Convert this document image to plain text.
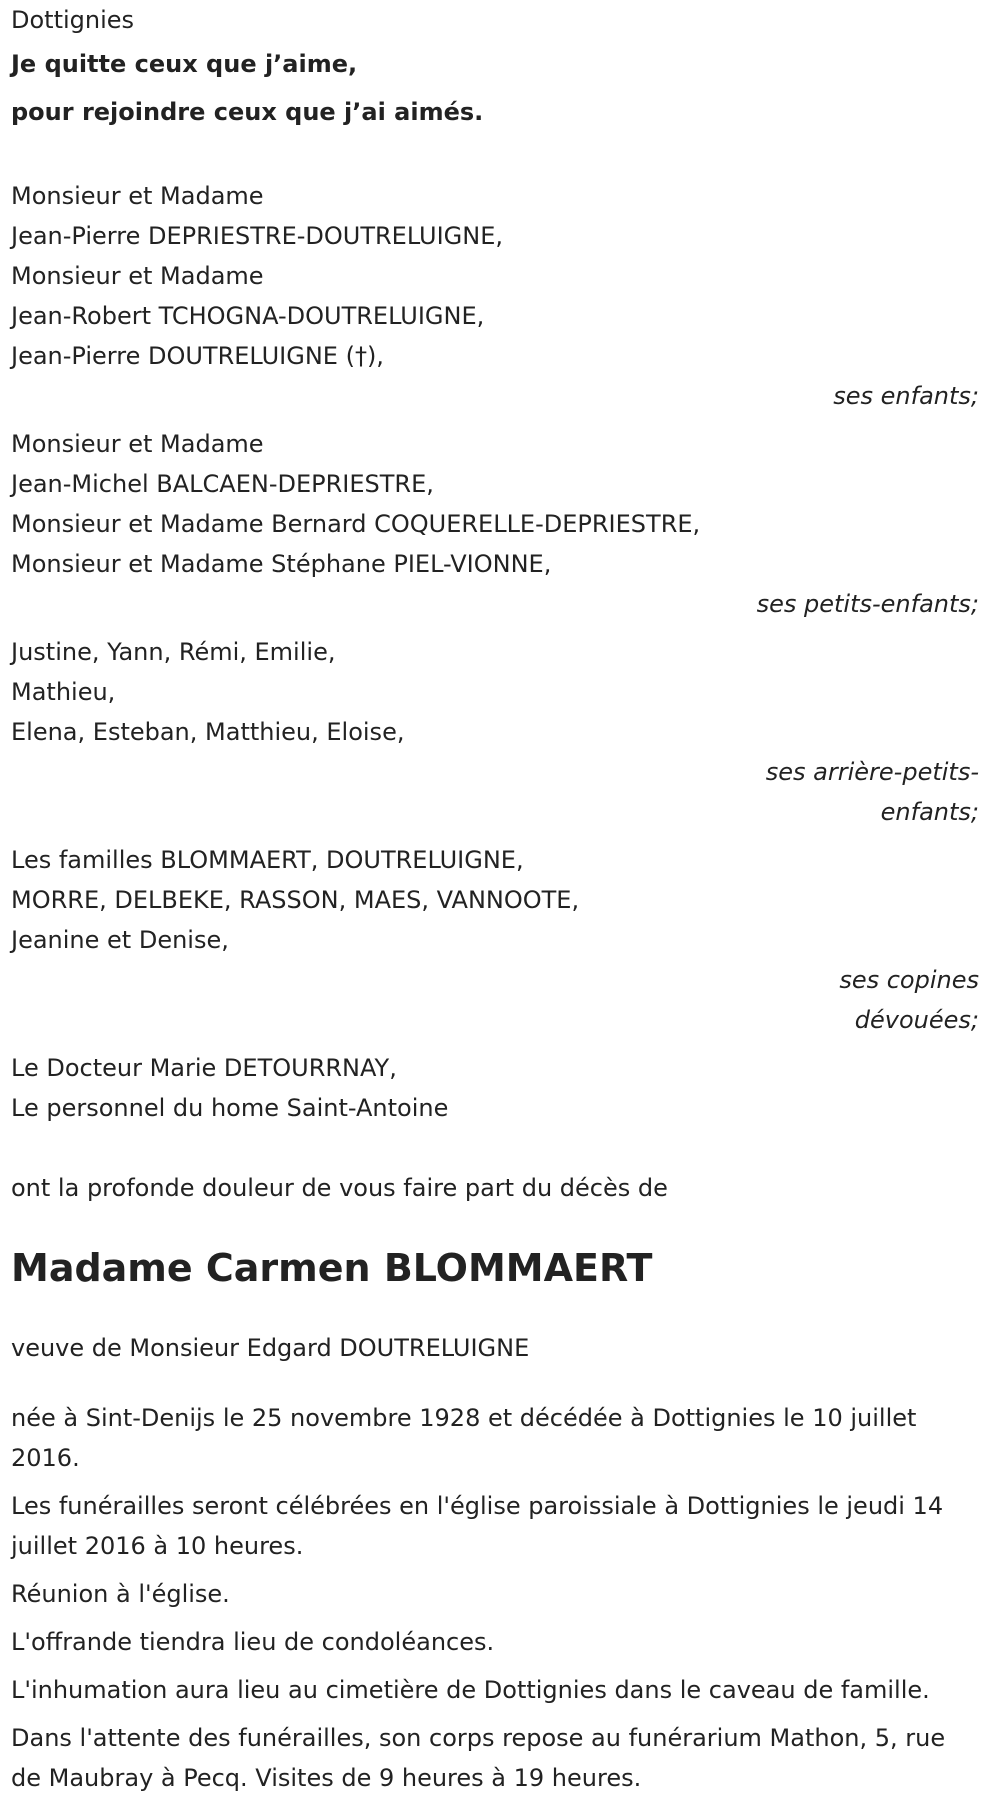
Dottignies
Je quitte ceux que j’aime,
pour rejoindre ceux que j’ai aimés.
Monsieur et Madame
Jean-Pierre DEPRIESTRE-DOUTRELUIGNE,
Monsieur et Madame
Jean-Robert TCHOGNA-DOUTRELUIGNE,
Jean-Pierre DOUTRELUIGNE (†),
ses enfants;
Monsieur et Madame
Jean-Michel BALCAEN-DEPRIESTRE,
Monsieur et Madame Bernard COQUERELLE-DEPRIESTRE,
Monsieur et Madame Stéphane PIEL-VIONNE,
ses petits-enfants;
Justine, Yann, Rémi, Emilie,
Mathieu,
Elena, Esteban, Matthieu, Eloise,
ses arrière-petits-
enfants;
Les familles BLOMMAERT, DOUTRELUIGNE,
MORRE, DELBEKE, RASSON, MAES, VANNOOTE,
Jeanine et Denise,
ses copines
dévouées;
Le Docteur Marie DETOURRNAY,
Le personnel du home Saint-Antoine
ont la profonde douleur de vous faire part du décès de
Madame Carmen BLOMMAERT
veuve de Monsieur Edgard DOUTRELUIGNE
née à Sint-Denijs le 25 novembre 1928 et décédée à Dottignies le 10 juillet 2016.
Les funérailles seront célébrées en l'église paroissiale à Dottignies le jeudi 14 juillet 2016 à 10 heures.
Réunion à l'église.
L'offrande tiendra lieu de condoléances.
L'inhumation aura lieu au cimetière de Dottignies dans le caveau de famille.
Dans l'attente des funérailles, son corps repose au funérarium Mathon, 5, rue de Maubray à Pecq. Visites de 9 heures à 19 heures.
